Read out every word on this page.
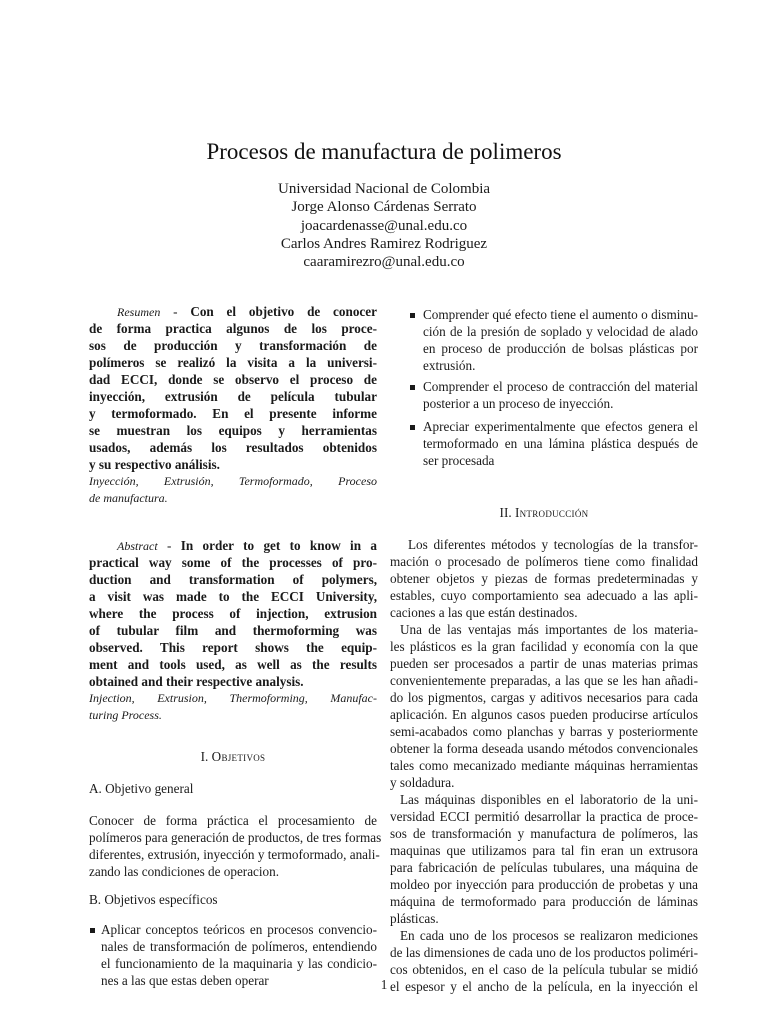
Procesos de manufactura de polimeros
Universidad Nacional de Colombia
Jorge Alonso Cárdenas Serrato
joacardenasse@unal.edu.co
Carlos Andres Ramirez Rodriguez
caaramirezro@unal.edu.co
Resumen - Con el objetivo de conocer
de forma practica algunos de los proce-
sos de producción y transformación de
polímeros se realizó la visita a la universi-
dad ECCI, donde se observo el proceso de
inyección, extrusión de película tubular
y termoformado. En el presente informe
se muestran los equipos y herramientas
usados, además los resultados obtenidos
y su respectivo análisis.
Inyección, Extrusión, Termoformado, Proceso
de manufactura.
Abstract - In order to get to know in a
practical way some of the processes of pro-
duction and transformation of polymers,
a visit was made to the ECCI University,
where the process of injection, extrusion
of tubular film and thermoforming was
observed. This report shows the equip-
ment and tools used, as well as the results
obtained and their respective analysis.
Injection, Extrusion, Thermoforming, Manufac-
turing Process.
I. Objetivos
A. Objetivo general
Conocer de forma práctica el procesamiento de
polímeros para generación de productos, de tres formas
diferentes, extrusión, inyección y termoformado, anali-
zando las condiciones de operacion.
B. Objetivos específicos
Aplicar conceptos teóricos en procesos convencio-
nales de transformación de polímeros, entendiendo
el funcionamiento de la maquinaria y las condicio-
nes a las que estas deben operar
Comprender qué efecto tiene el aumento o disminu-
ción de la presión de soplado y velocidad de alado
en proceso de producción de bolsas plásticas por
extrusión.
Comprender el proceso de contracción del material
posterior a un proceso de inyección.
Apreciar experimentalmente que efectos genera el
termoformado en una lámina plástica después de
ser procesada
II. Introducción
Los diferentes métodos y tecnologías de la transfor-
mación o procesado de polímeros tiene como finalidad
obtener objetos y piezas de formas predeterminadas y
estables, cuyo comportamiento sea adecuado a las apli-
caciones a las que están destinados.
Una de las ventajas más importantes de los materia-
les plásticos es la gran facilidad y economía con la que
pueden ser procesados a partir de unas materias primas
convenientemente preparadas, a las que se les han añadi-
do los pigmentos, cargas y aditivos necesarios para cada
aplicación. En algunos casos pueden producirse artículos
semi-acabados como planchas y barras y posteriormente
obtener la forma deseada usando métodos convencionales
tales como mecanizado mediante máquinas herramientas
y soldadura.
Las máquinas disponibles en el laboratorio de la uni-
versidad ECCI permitió desarrollar la practica de proce-
sos de transformación y manufactura de polímeros, las
maquinas que utilizamos para tal fin eran un extrusora
para fabricación de películas tubulares, una máquina de
moldeo por inyección para producción de probetas y una
máquina de termoformado para producción de láminas
plásticas.
En cada uno de los procesos se realizaron mediciones
de las dimensiones de cada uno de los productos poliméri-
cos obtenidos, en el caso de la película tubular se midió
el espesor y el ancho de la película, en la inyección el
1
